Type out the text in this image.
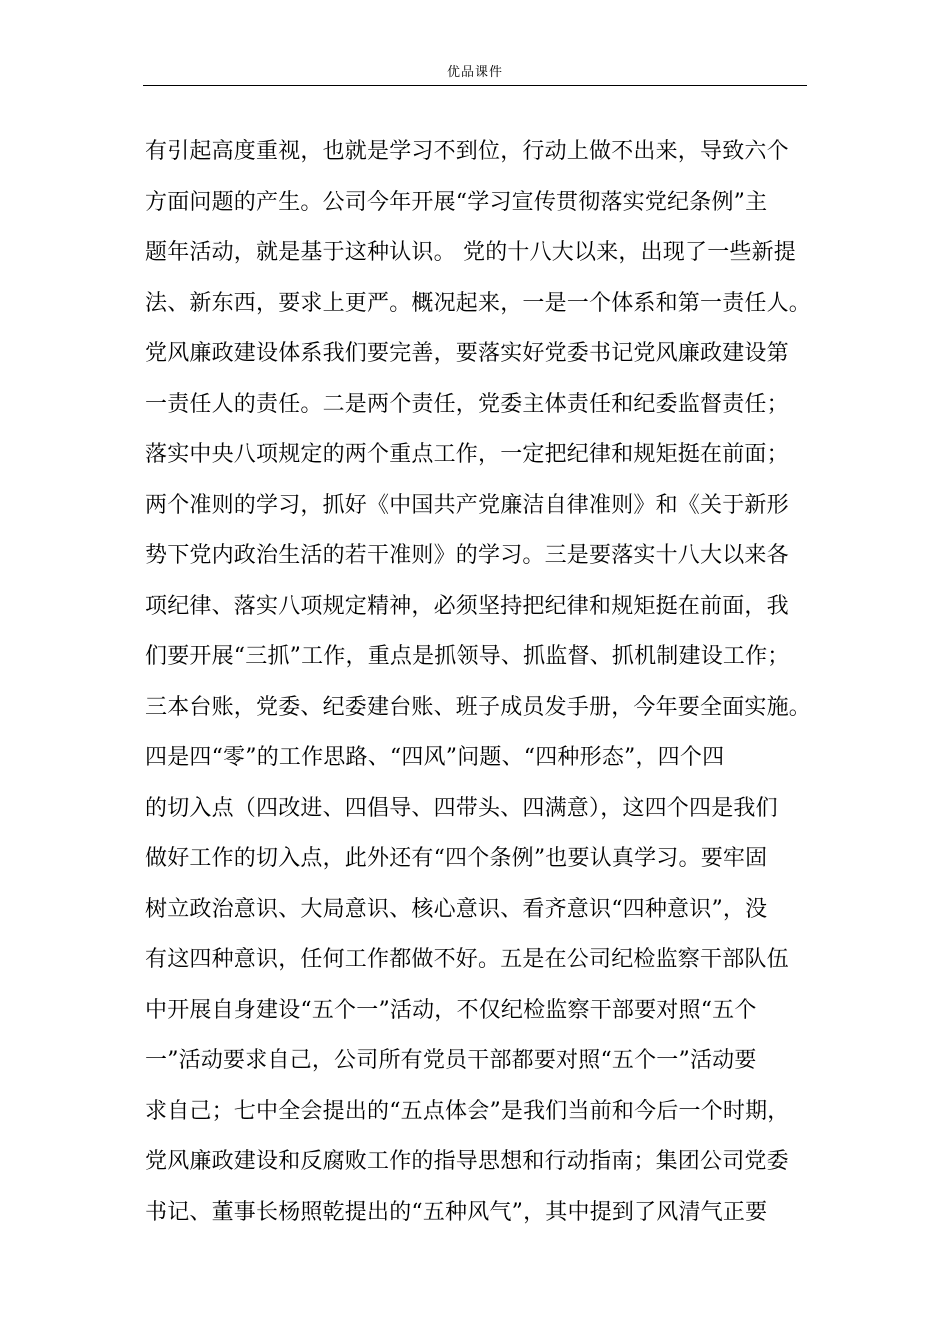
优品课件
有引起高度重视，也就是学习不到位，行动上做不出来，导致六个
方面问题的产生。公司今年开展“学习宣传贯彻落实党纪条例”主
题年活动，就是基于这种认识。 党的十八大以来，出现了一些新提
法、新东西，要求上更严。概况起来，一是一个体系和第一责任人。
党风廉政建设体系我们要完善，要落实好党委书记党风廉政建设第
一责任人的责任。二是两个责任，党委主体责任和纪委监督责任；
落实中央八项规定的两个重点工作，一定把纪律和规矩挺在前面；
两个准则的学习，抓好《中国共产党廉洁自律准则》和《关于新形
势下党内政治生活的若干准则》的学习。三是要落实十八大以来各
项纪律、落实八项规定精神，必须坚持把纪律和规矩挺在前面，我
们要开展“三抓”工作，重点是抓领导、抓监督、抓机制建设工作；
三本台账，党委、纪委建台账、班子成员发手册，今年要全面实施。
四是四“零”的工作思路、“四风”问题、“四种形态”，四个四
的切入点（四改进、四倡导、四带头、四满意），这四个四是我们
做好工作的切入点，此外还有“四个条例”也要认真学习。要牢固
树立政治意识、大局意识、核心意识、看齐意识“四种意识”，没
有这四种意识，任何工作都做不好。五是在公司纪检监察干部队伍
中开展自身建设“五个一”活动，不仅纪检监察干部要对照“五个
一”活动要求自己，公司所有党员干部都要对照“五个一”活动要
求自己；七中全会提出的“五点体会”是我们当前和今后一个时期，
党风廉政建设和反腐败工作的指导思想和行动指南；集团公司党委
书记、董事长杨照乾提出的“五种风气”，其中提到了风清气正要
